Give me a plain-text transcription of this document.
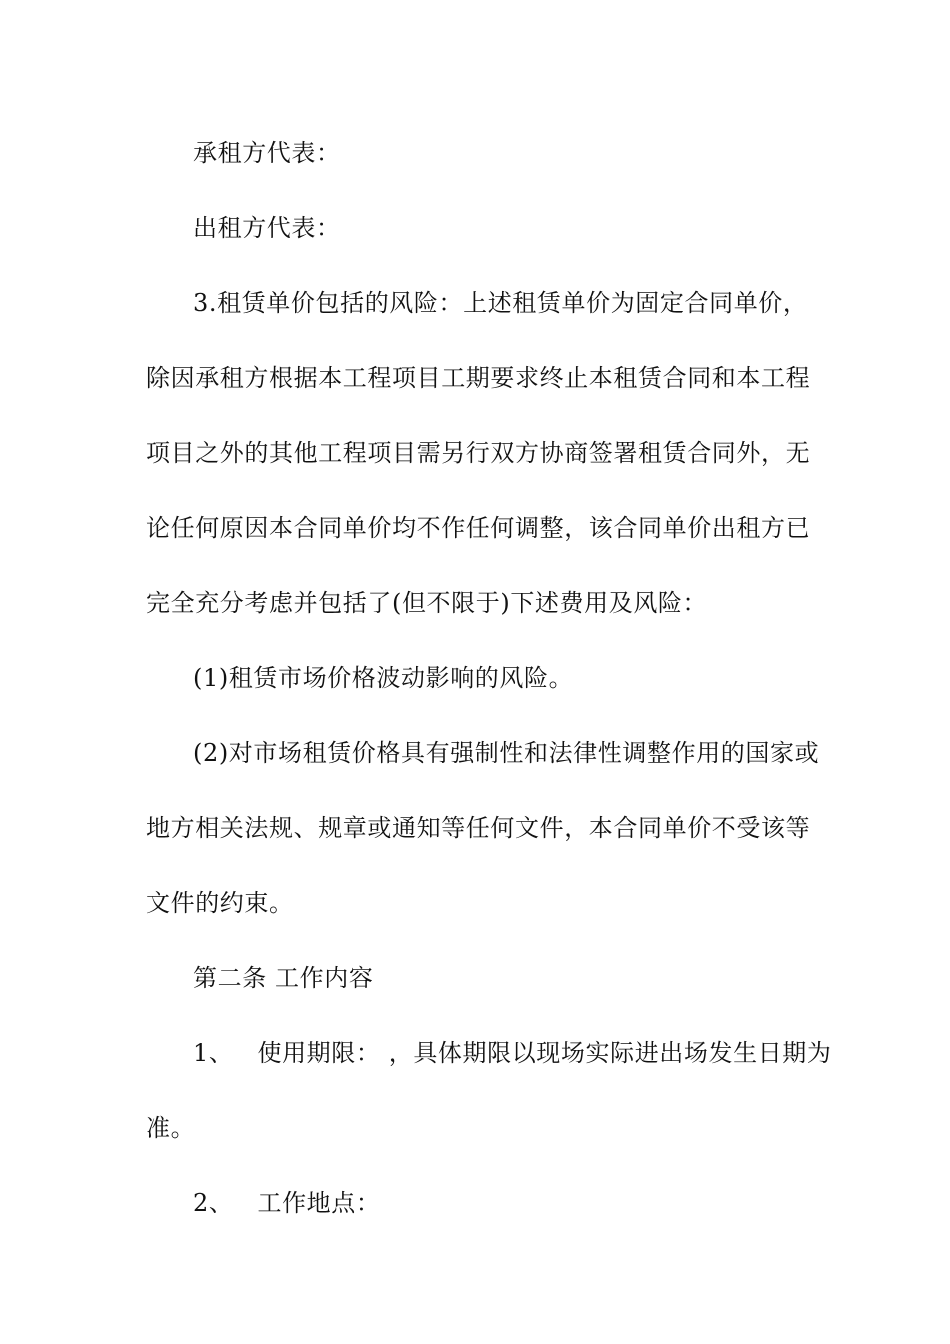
承租方代表：
出租方代表：
3.租赁单价包括的风险：上述租赁单价为固定合同单价，
除因承租方根据本工程项目工期要求终止本租赁合同和本工程
项目之外的其他工程项目需另行双方协商签署租赁合同外，无
论任何原因本合同单价均不作任何调整，该合同单价出租方已
完全充分考虑并包括了(但不限于)下述费用及风险：
(1)租赁市场价格波动影响的风险。
(2)对市场租赁价格具有强制性和法律性调整作用的国家或
地方相关法规、规章或通知等任何文件，本合同单价不受该等
文件的约束。
第二条 工作内容
1、 使用期限： ，具体期限以现场实际进出场发生日期为
准。
2、 工作地点：
